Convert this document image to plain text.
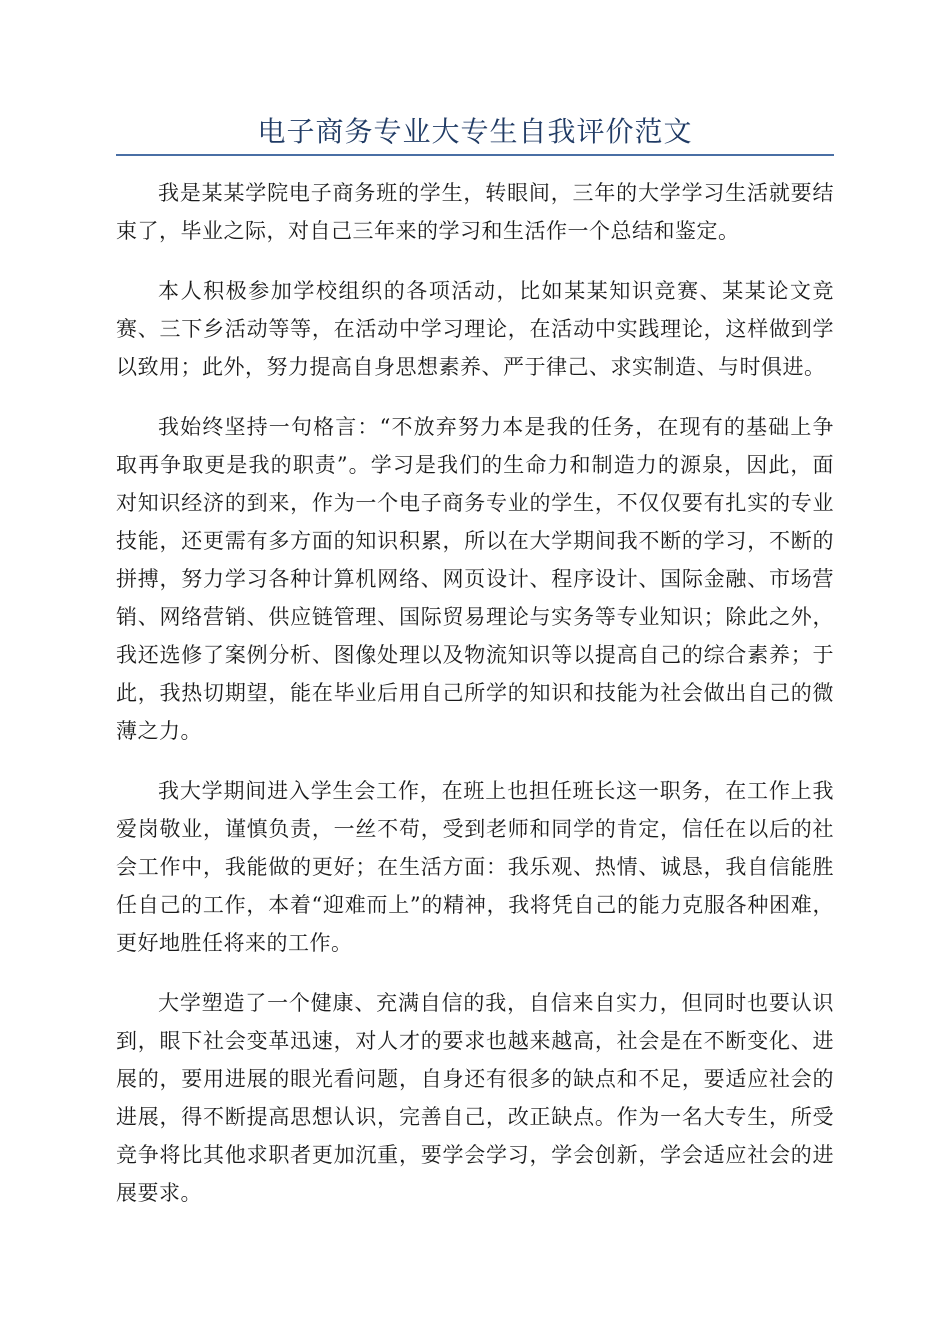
电子商务专业大专生自我评价范文

我是某某学院电子商务班的学生，转眼间，三年的大学学习生活就要结束了，毕业之际，对自己三年来的学习和生活作一个总结和鉴定。

本人积极参加学校组织的各项活动，比如某某知识竞赛、某某论文竞赛、三下乡活动等等，在活动中学习理论，在活动中实践理论，这样做到学以致用；此外，努力提高自身思想素养、严于律己、求实制造、与时俱进。

我始终坚持一句格言：“不放弃努力本是我的任务，在现有的基础上争取再争取更是我的职责”。学习是我们的生命力和制造力的源泉，因此，面对知识经济的到来，作为一个电子商务专业的学生，不仅仅要有扎实的专业技能，还更需有多方面的知识积累，所以在大学期间我不断的学习，不断的拼搏，努力学习各种计算机网络、网页设计、程序设计、国际金融、市场营销、网络营销、供应链管理、国际贸易理论与实务等专业知识；除此之外，我还选修了案例分析、图像处理以及物流知识等以提高自己的综合素养；于此，我热切期望，能在毕业后用自己所学的知识和技能为社会做出自己的微薄之力。

我大学期间进入学生会工作，在班上也担任班长这一职务，在工作上我爱岗敬业，谨慎负责，一丝不苟，受到老师和同学的肯定，信任在以后的社会工作中，我能做的更好；在生活方面：我乐观、热情、诚恳，我自信能胜任自己的工作，本着“迎难而上”的精神，我将凭自己的能力克服各种困难，更好地胜任将来的工作。

大学塑造了一个健康、充满自信的我，自信来自实力，但同时也要认识到，眼下社会变革迅速，对人才的要求也越来越高，社会是在不断变化、进展的，要用进展的眼光看问题，自身还有很多的缺点和不足，要适应社会的进展，得不断提高思想认识，完善自己，改正缺点。作为一名大专生，所受竞争将比其他求职者更加沉重，要学会学习，学会创新，学会适应社会的进展要求。
